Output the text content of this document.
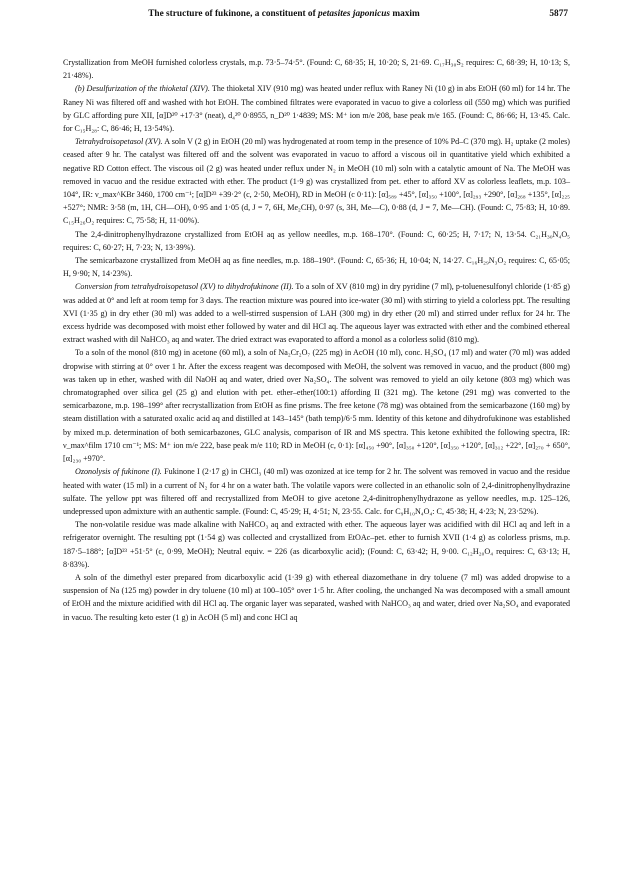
The structure of fukinone, a constituent of petasites japonicus maxim	5877

Crystallization from MeOH furnished colorless crystals, m.p. 73·5–74·5°. (Found: C, 68·35; H, 10·20; S, 21·69. C₁₇H₃₀S₂ requires: C, 68·39; H, 10·13; S, 21·48%).

(b) Desulfurization of the thioketal (XIV). The thioketal XIV (910 mg) was heated under reflux with Raney Ni (10 g) in abs EtOH (60 ml) for 14 hr. The Raney Ni was filtered off and washed with hot EtOH. The combined filtrates were evaporated in vacuo to give a colorless oil (550 mg) which was purified by GLC affording pure XII, [α]D²⁰ +17·3° (neat), d₄²⁰ 0·8955, n_D²⁰ 1·4839; MS: M⁺ ion m/e 208, base peak m/e 165. (Found: C, 86·66; H, 13·45. Calc. for C₁₅H₂₈: C, 86·46; H, 13·54%).

Tetrahydroisopetasol (XV). A soln V (2 g) in EtOH (20 ml) was hydrogenated at room temp in the presence of 10% Pd–C (370 mg). H₂ uptake (2 moles) ceased after 9 hr. The catalyst was filtered off and the solvent was evaporated in vacuo to afford a viscous oil in quantitative yield which exhibited a negative RD Cotton effect. The viscous oil (2 g) was heated under reflux under N₂ in MeOH (10 ml) soln with a catalytic amount of Na. The MeOH was removed in vacuo and the residue extracted with ether. The product (1·9 g) was crystallized from pet. ether to afford XV as colorless leaflets, m.p. 103–104°, IR: ν_max^KBr 3460, 1700 cm⁻¹; [α]D²³ +39·2° (c, 2·50, MeOH), RD in MeOH (c 0·11): [α]₅₈₉ +45°, [α]₃₅₀ +100°, [α]₂₉₃ +290°, [α]₂₆₈ +135°, [α]₂₂₅ +527°; NMR: 3·58 (m, 1H, CH—OH), 0·95 and 1·05 (d, J = 7, 6H, Me₂CH), 0·97 (s, 3H, Me—C), 0·88 (d, J = 7, Me—CH). (Found: C, 75·83; H, 10·89. C₁₅H₂₆O₂ requires: C, 75·58; H, 11·00%).

The 2,4-dinitrophenylhydrazone crystallized from EtOH aq as yellow needles, m.p. 168–170°. (Found: C, 60·25; H, 7·17; N, 13·54. C₂₁H₃₀N₄O₅ requires: C, 60·27; H, 7·23; N, 13·39%).

The semicarbazone crystallized from MeOH aq as fine needles, m.p. 188–190°. (Found: C, 65·36; H, 10·04; N, 14·27. C₁₆H₂₉N₃O₂ requires: C, 65·05; H, 9·90; N, 14·23%).

Conversion from tetrahydroisopetasol (XV) to dihydrofukinone (II). To a soln of XV (810 mg) in dry pyridine (7 ml), p-toluenesulfonyl chloride (1·85 g) was added at 0° and left at room temp for 3 days. The reaction mixture was poured into ice-water (30 ml) with stirring to yield a colorless ppt. The resulting XVI (1·35 g) in dry ether (30 ml) was added to a well-stirred suspension of LAH (300 mg) in dry ether (20 ml) and stirred under reflux for 24 hr. The excess hydride was decomposed with moist ether followed by water and dil HCl aq. The aqueous layer was extracted with ether and the combined ethereal extract washed with dil NaHCO₃ aq and water. The dried extract was evaporated to afford a monol as a colorless solid (810 mg).

To a soln of the monol (810 mg) in acetone (60 ml), a soln of Na₂Cr₂O₇ (225 mg) in AcOH (10 ml), conc. H₂SO₄ (17 ml) and water (70 ml) was added dropwise with stirring at 0° over 1 hr. After the excess reagent was decomposed with MeOH, the solvent was removed in vacuo, and the product (800 mg) was taken up in ether, washed with dil NaOH aq and water, dried over Na₂SO₄. The solvent was removed to yield an oily ketone (803 mg) which was chromatographed over silica gel (25 g) and elution with pet. ether–ether(100:1) affording II (321 mg). The ketone (291 mg) was converted to the semicarbazone, m.p. 198–199° after recrystallization from EtOH as fine prisms. The free ketone (78 mg) was obtained from the semicarbazone (160 mg) by steam distillation with a saturated oxalic acid aq and distilled at 143–145° (bath temp)/6·5 mm. Identity of this ketone and dihydrofukinone was established by mixed m.p. determination of both semicarbazones, GLC analysis, comparison of IR and MS spectra. This ketone exhibited the following spectra, IR: ν_max^film 1710 cm⁻¹; MS: M⁺ ion m/e 222, base peak m/e 110; RD in MeOH (c, 0·1): [α]₄₅₀ +90°, [α]₃₅₀ +120°, [α]₃₅₀ +120°, [α]₃₁₂ +22°, [α]₂₇₀ + 650°, [α]₂₃₀ +970°.

Ozonolysis of fukinone (I). Fukinone I (2·17 g) in CHCl₃ (40 ml) was ozonized at ice temp for 2 hr. The solvent was removed in vacuo and the residue heated with water (15 ml) in a current of N₂ for 4 hr on a water bath. The volatile vapors were collected in an ethanolic soln of 2,4-dinitrophenylhydrazine sulfate. The yellow ppt was filtered off and recrystallized from MeOH to give acetone 2,4-dinitrophenylhydrazone as yellow needles, m.p. 125–126, undepressed upon admixture with an authentic sample. (Found: C, 45·29; H, 4·51; N, 23·55. Calc. for C₉H₁₀N₄O₄: C, 45·38; H, 4·23; N, 23·52%).

The non-volatile residue was made alkaline with NaHCO₃ aq and extracted with ether. The aqueous layer was acidified with dil HCl aq and left in a refrigerator overnight. The resulting ppt (1·54 g) was collected and crystallized from EtOAc–pet. ether to furnish XVII (1·4 g) as colorless prisms, m.p. 187·5–188°; [α]D²³ +51·5° (c, 0·99, MeOH); Neutral equiv. = 226 (as dicarboxylic acid); (Found: C, 63·42; H, 9·00. C₁₂H₂₀O₄ requires: C, 63·13; H, 8·83%).

A soln of the dimethyl ester prepared from dicarboxylic acid (1·39 g) with ethereal diazomethane in dry toluene (7 ml) was added dropwise to a suspension of Na (125 mg) powder in dry toluene (10 ml) at 100–105° over 1·5 hr. After cooling, the unchanged Na was decomposed with a small amount of EtOH and the mixture acidified with dil HCl aq. The organic layer was separated, washed with NaHCO₃ aq and water, dried over Na₂SO₄ and evaporated in vacuo. The resulting keto ester (1 g) in AcOH (5 ml) and conc HCl aq
